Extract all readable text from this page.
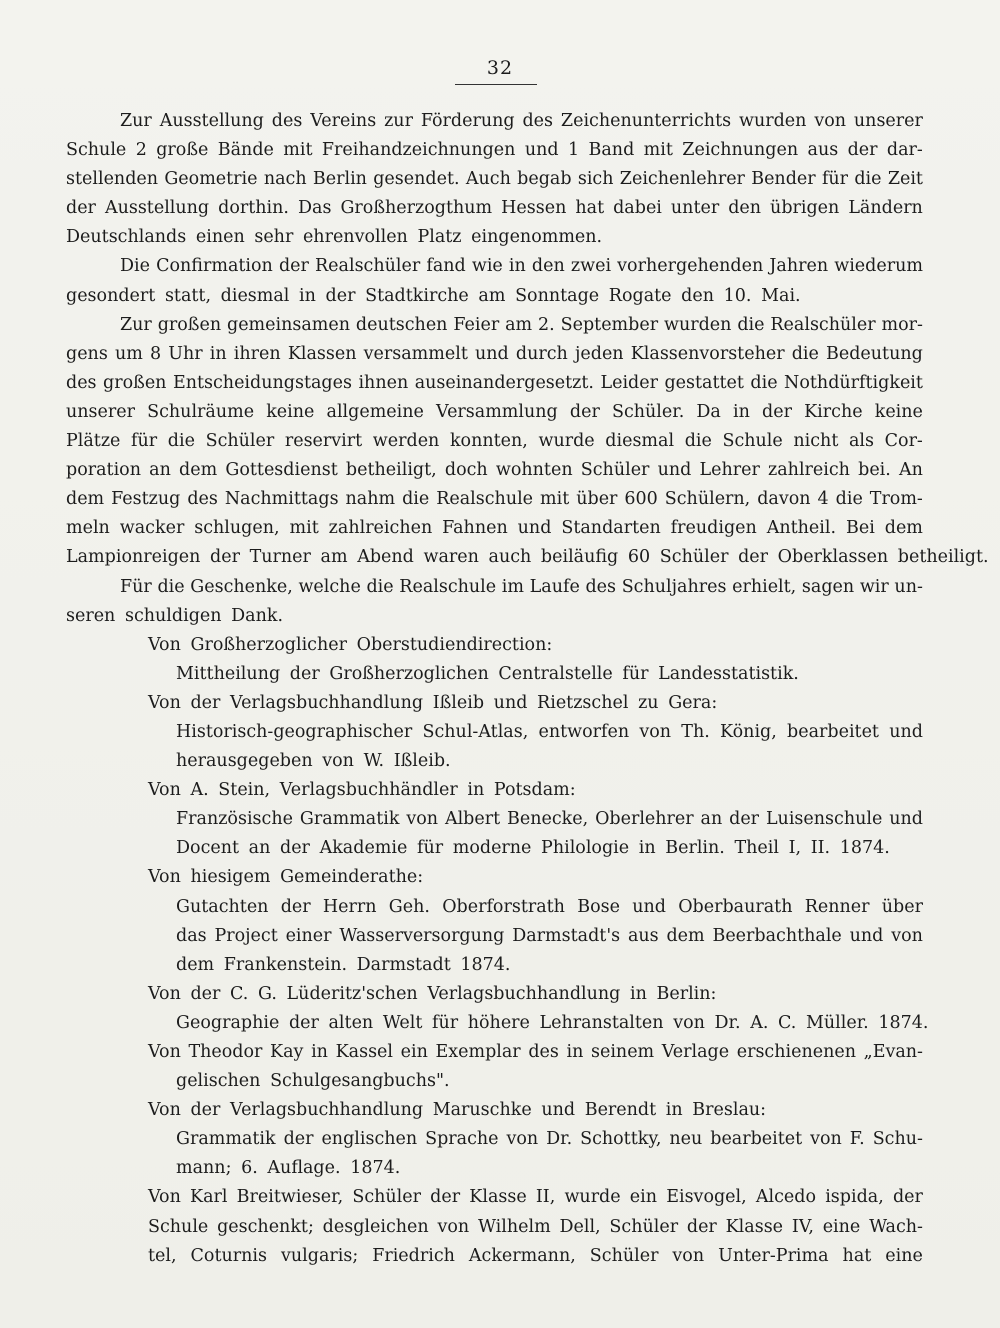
32
Zur Ausstellung des Vereins zur Förderung des Zeichenunterrichts wurden von unserer
Schule 2 große Bände mit Freihandzeichnungen und 1 Band mit Zeichnungen aus der dar-
stellenden Geometrie nach Berlin gesendet. Auch begab sich Zeichenlehrer Bender für die Zeit
der Ausstellung dorthin. Das Großherzogthum Hessen hat dabei unter den übrigen Ländern
Deutschlands einen sehr ehrenvollen Platz eingenommen.
Die Confirmation der Realschüler fand wie in den zwei vorhergehenden Jahren wiederum
gesondert statt, diesmal in der Stadtkirche am Sonntage Rogate den 10. Mai.
Zur großen gemeinsamen deutschen Feier am 2. September wurden die Realschüler mor-
gens um 8 Uhr in ihren Klassen versammelt und durch jeden Klassenvorsteher die Bedeutung
des großen Entscheidungstages ihnen auseinandergesetzt. Leider gestattet die Nothdürftigkeit
unserer Schulräume keine allgemeine Versammlung der Schüler. Da in der Kirche keine
Plätze für die Schüler reservirt werden konnten, wurde diesmal die Schule nicht als Cor-
poration an dem Gottesdienst betheiligt, doch wohnten Schüler und Lehrer zahlreich bei. An
dem Festzug des Nachmittags nahm die Realschule mit über 600 Schülern, davon 4 die Trom-
meln wacker schlugen, mit zahlreichen Fahnen und Standarten freudigen Antheil. Bei dem
Lampionreigen der Turner am Abend waren auch beiläufig 60 Schüler der Oberklassen betheiligt.
Für die Geschenke, welche die Realschule im Laufe des Schuljahres erhielt, sagen wir un-
seren schuldigen Dank.
Von Großherzoglicher Oberstudiendirection:
Mittheilung der Großherzoglichen Centralstelle für Landesstatistik.
Von der Verlagsbuchhandlung Ißleib und Rietzschel zu Gera:
Historisch-geographischer Schul-Atlas, entworfen von Th. König, bearbeitet und
herausgegeben von W. Ißleib.
Von A. Stein, Verlagsbuchhändler in Potsdam:
Französische Grammatik von Albert Benecke, Oberlehrer an der Luisenschule und
Docent an der Akademie für moderne Philologie in Berlin. Theil I, II. 1874.
Von hiesigem Gemeinderathe:
Gutachten der Herrn Geh. Oberforstrath Bose und Oberbaurath Renner über
das Project einer Wasserversorgung Darmstadt's aus dem Beerbachthale und von
dem Frankenstein. Darmstadt 1874.
Von der C. G. Lüderitz'schen Verlagsbuchhandlung in Berlin:
Geographie der alten Welt für höhere Lehranstalten von Dr. A. C. Müller. 1874.
Von Theodor Kay in Kassel ein Exemplar des in seinem Verlage erschienenen „Evan-
gelischen Schulgesangbuchs".
Von der Verlagsbuchhandlung Maruschke und Berendt in Breslau:
Grammatik der englischen Sprache von Dr. Schottky, neu bearbeitet von F. Schu-
mann; 6. Auflage. 1874.
Von Karl Breitwieser, Schüler der Klasse II, wurde ein Eisvogel, Alcedo ispida, der
Schule geschenkt; desgleichen von Wilhelm Dell, Schüler der Klasse IV, eine Wach-
tel, Coturnis vulgaris; Friedrich Ackermann, Schüler von Unter-Prima hat eine
